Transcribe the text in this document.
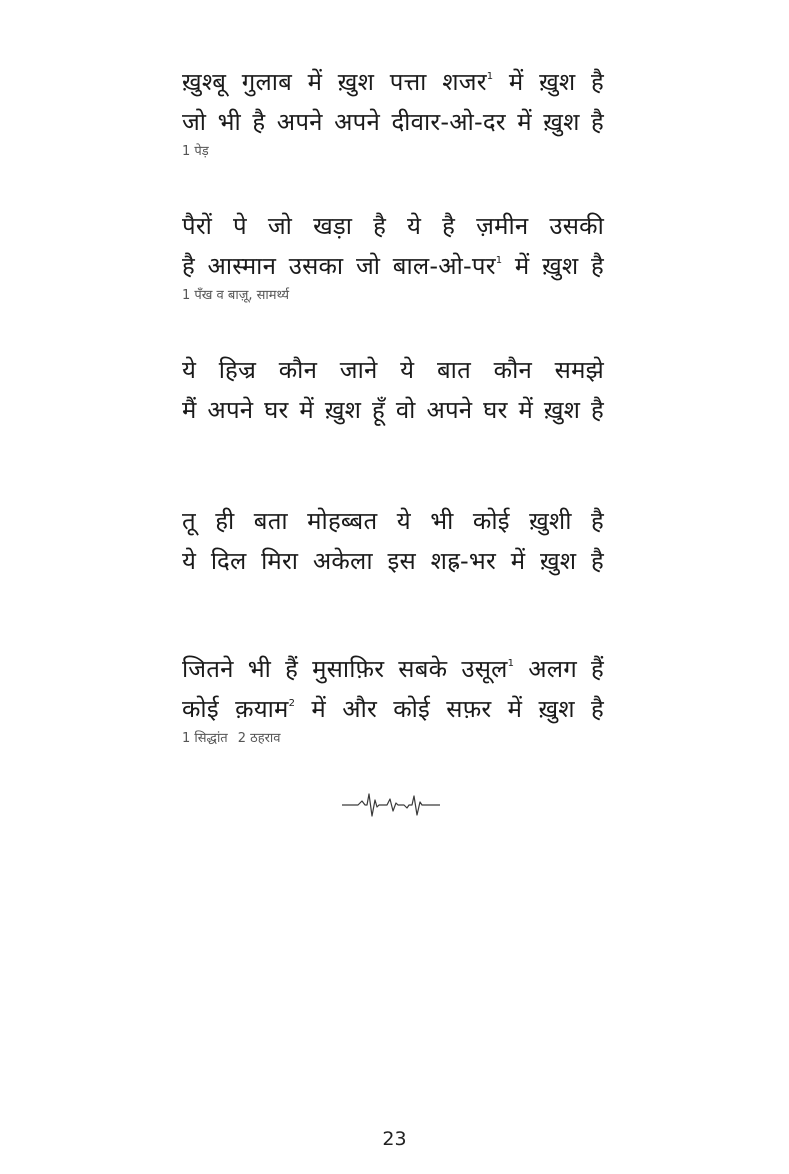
ख़ुश्बू गुलाब में ख़ुश पत्ता शजर$^1$ में ख़ुश है
जो भी है अपने अपने दीवार-ओ-दर में ख़ुश है
1 पेड़
पैरों पे जो खड़ा है ये है ज़मीन उसकी
है आस्मान उसका जो बाल-ओ-पर$^1$ में ख़ुश है
1 पँख व बाज़ू, सामर्थ्य
ये हिज्र कौन जाने ये बात कौन समझे
मैं अपने घर में ख़ुश हूँ वो अपने घर में ख़ुश है
तू ही बता मोहब्बत ये भी कोई ख़ुशी है
ये दिल मिरा अकेला इस शह्र-भर में ख़ुश है
जितने भी हैं मुसाफ़िर सबके उसूल$^1$ अलग हैं
कोई क़याम$^2$ में और कोई सफ़र में ख़ुश है
1 सिद्धांत 2 ठहराव
23
